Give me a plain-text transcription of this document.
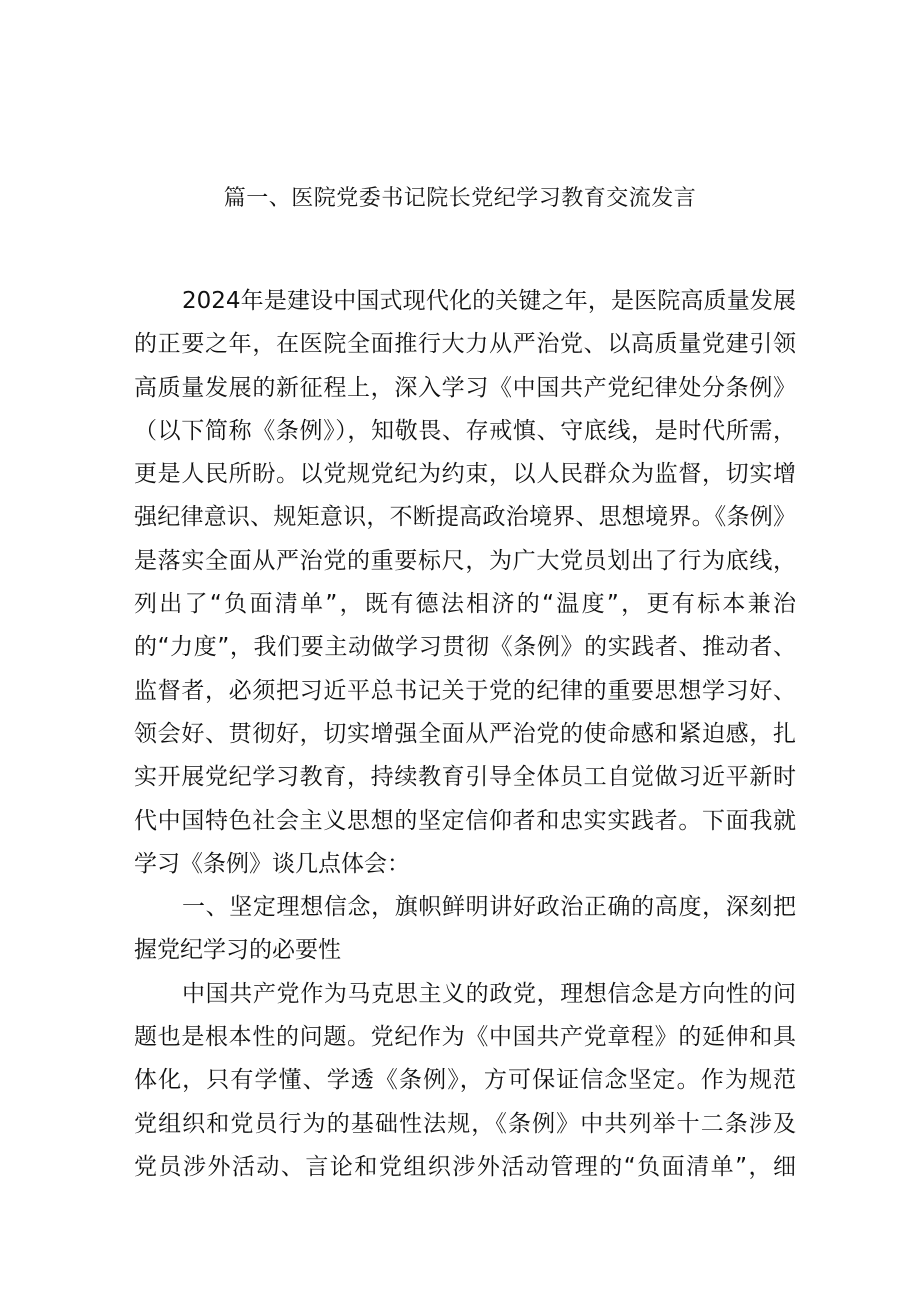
篇一、医院党委书记院长党纪学习教育交流发言
2024年是建设中国式现代化的关键之年，是医院高质量发展
的正要之年，在医院全面推行大力从严治党、以高质量党建引领
高质量发展的新征程上，深入学习《中国共产党纪律处分条例》
（以下简称《条例》），知敬畏、存戒慎、守底线，是时代所需，
更是人民所盼。以党规党纪为约束，以人民群众为监督，切实增
强纪律意识、规矩意识，不断提高政治境界、思想境界。《条例》
是落实全面从严治党的重要标尺，为广大党员划出了行为底线，
列出了“负面清单”，既有德法相济的“温度”，更有标本兼治
的“力度”，我们要主动做学习贯彻《条例》的实践者、推动者、
监督者，必须把习近平总书记关于党的纪律的重要思想学习好、
领会好、贯彻好，切实增强全面从严治党的使命感和紧迫感，扎
实开展党纪学习教育，持续教育引导全体员工自觉做习近平新时
代中国特色社会主义思想的坚定信仰者和忠实实践者。下面我就
学习《条例》谈几点体会：
一、坚定理想信念，旗帜鲜明讲好政治正确的高度，深刻把
握党纪学习的必要性
中国共产党作为马克思主义的政党，理想信念是方向性的问
题也是根本性的问题。党纪作为《中国共产党章程》的延伸和具
体化，只有学懂、学透《条例》，方可保证信念坚定。作为规范
党组织和党员行为的基础性法规，《条例》中共列举十二条涉及
党员涉外活动、言论和党组织涉外活动管理的“负面清单”，细
